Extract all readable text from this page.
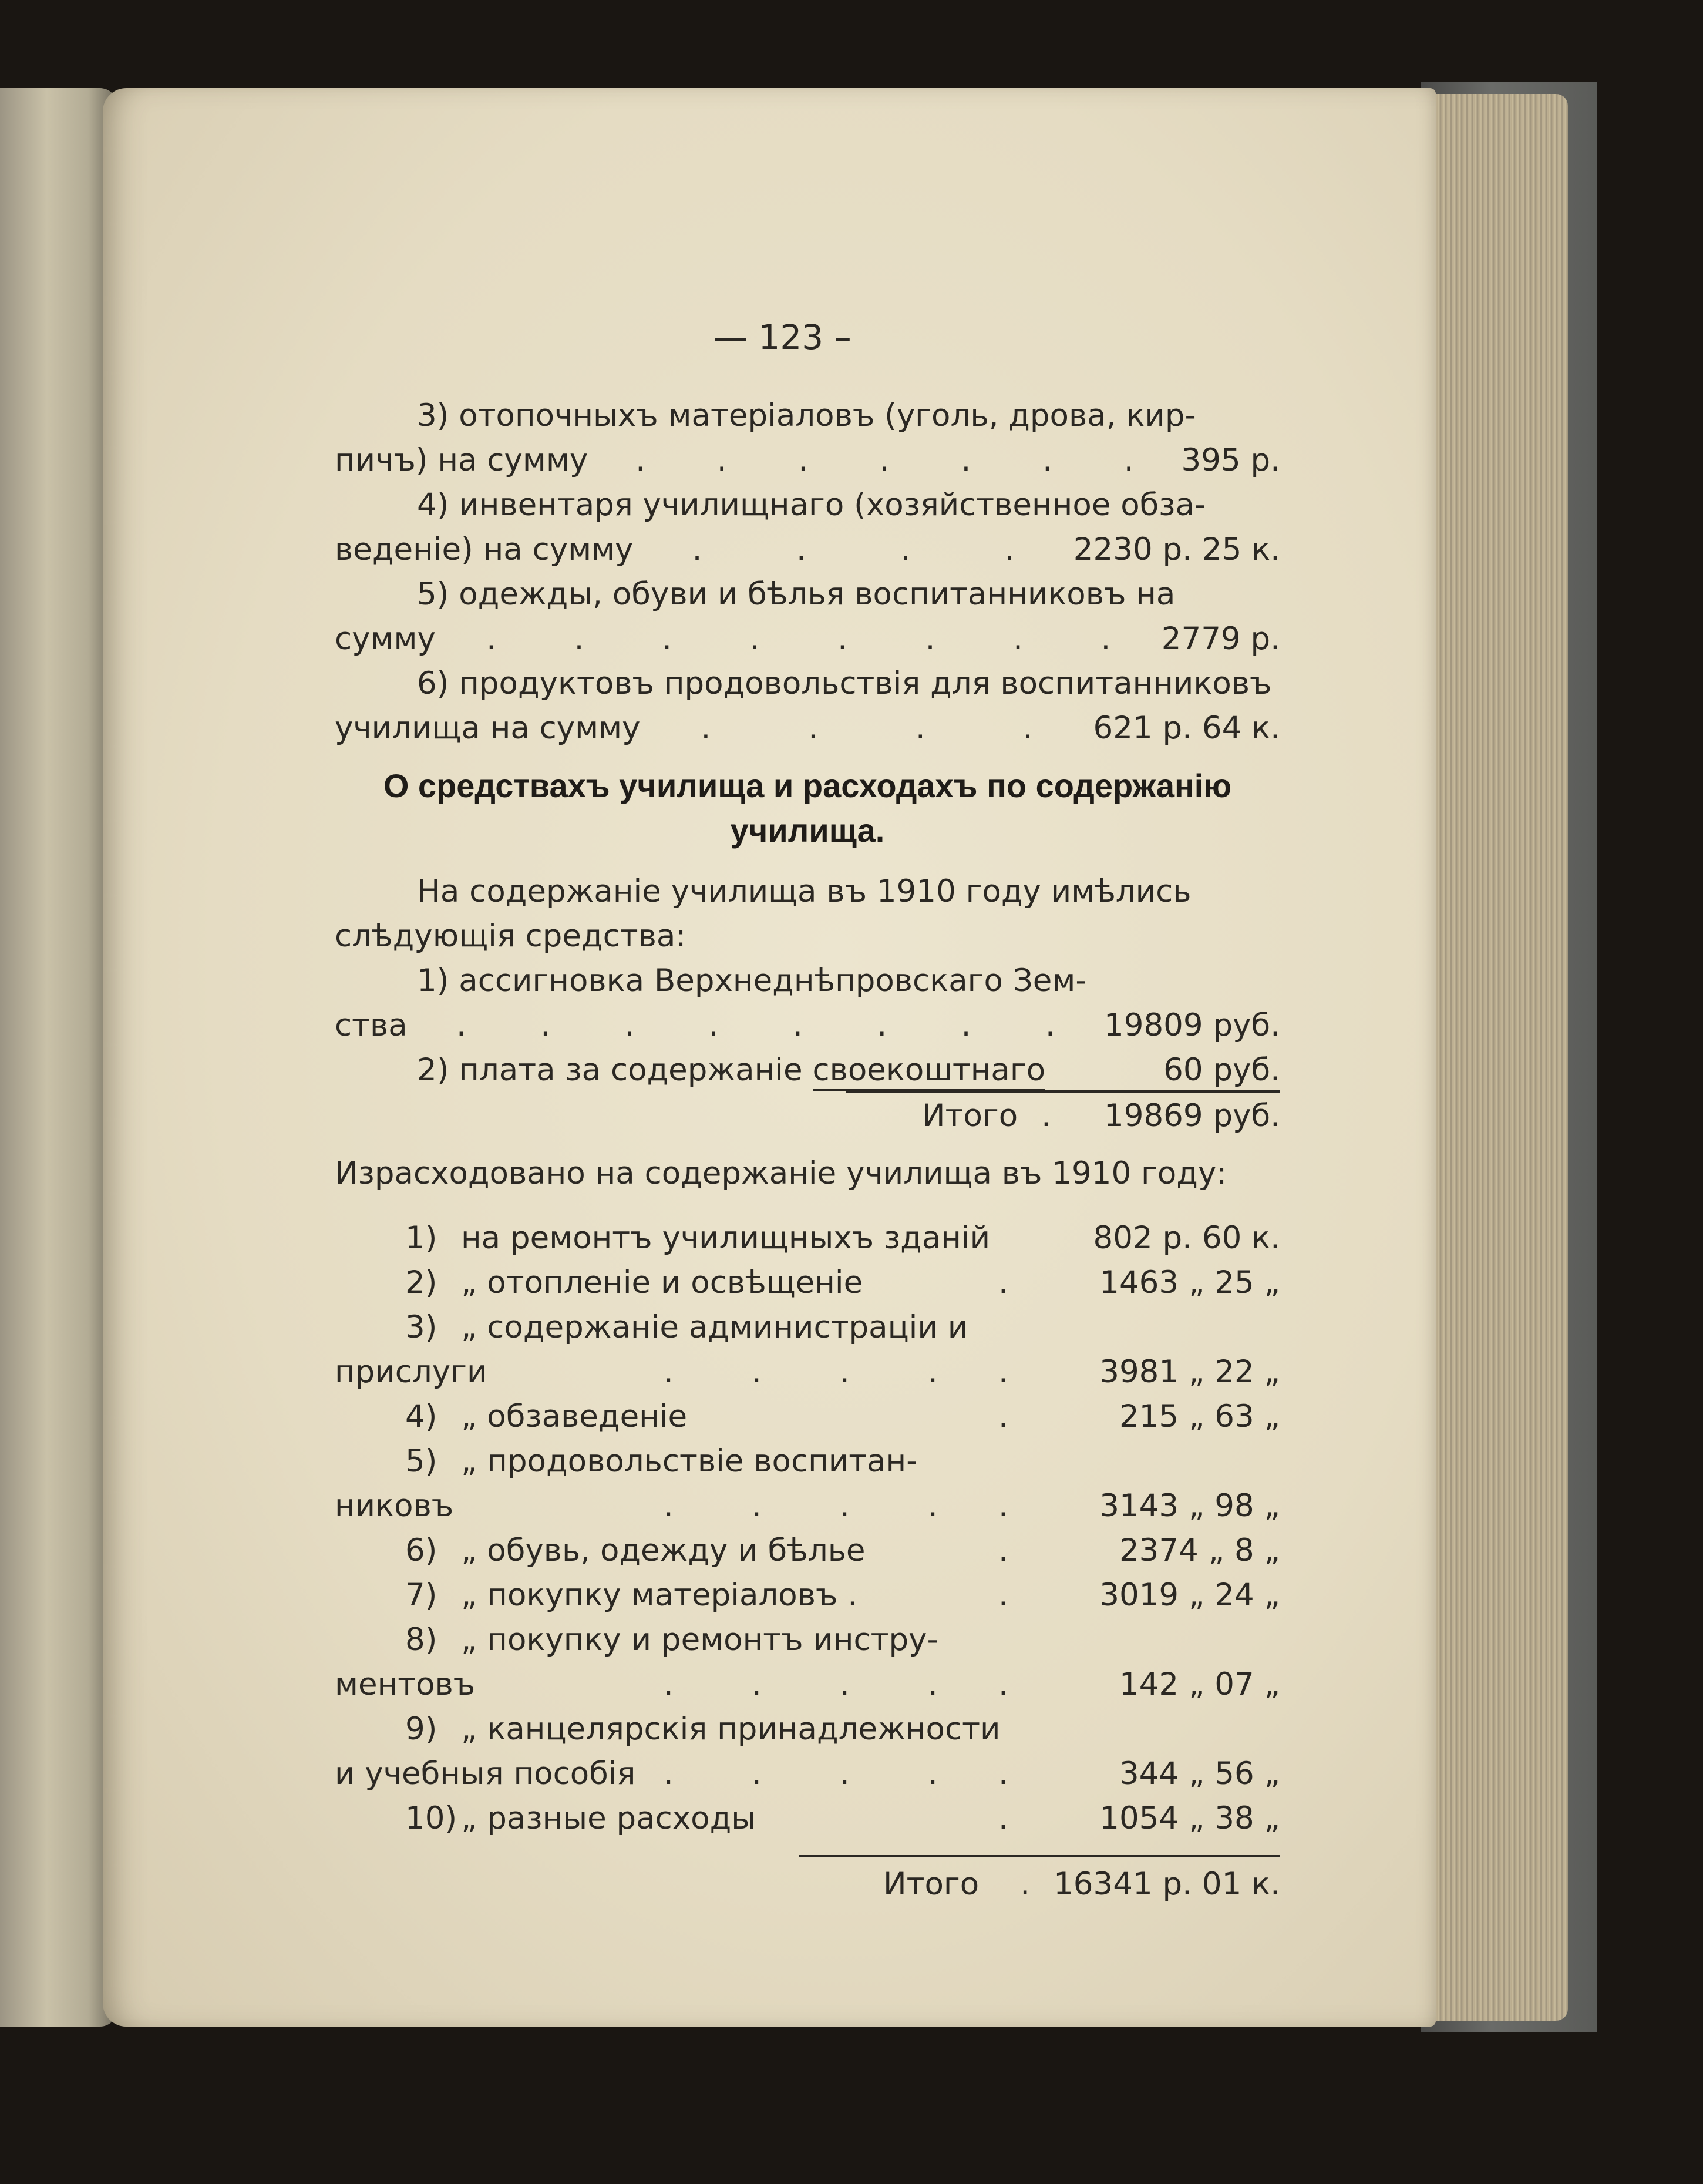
— 123 –
3) отопочныхъ матеріаловъ (уголь, дрова, кир-
пичъ) на сумму . . . . . . . 395 р.
4) инвентаря училищнаго (хозяйственное обза-
веденіе) на сумму .	.	.	. 2230 р. 25 к.
5) одежды, обуви и бѣлья воспитанниковъ на
сумму .	.	.	.	.	.	.	. 2779 р.
6) продуктовъ продовольствія для воспитанниковъ
училища на сумму .	.	.	. 621 р. 64 к.
О средствахъ училища и расходахъ по содержанію
училища.
На содержаніе училища въ 1910 году имѣлись
слѣдующія средства:
1) ассигновка Верхнеднѣпровскаго Зем-
ства . . . . . . . . 19809 руб.
2) плата за содержаніе своекоштнаго	60 руб.
Итого . 19869 руб.
Израсходовано на содержаніе училища въ 1910 году:
1) на ремонтъ училищныхъ зданій	802 р. 60 к.
2) „ отопленіе и освѣщеніе	1463 „ 25 „
.
3) „ содержаніе администраціи и
прислуги	.	.	.	. .	3981 „ 22 „
4) „ обзаведеніе	215 „ 63 „
.
5) „ продовольствіе воспитан-
никовъ	.	.	.	. .	3143 „ 98 „
6) „ обувь, одежду и бѣлье	2374 „ 8 „
.
7) „ покупку матеріаловъ .	3019 „ 24 „
.
8) „ покупку и ремонтъ инстру-
ментовъ	.	.	.	. .	142 „ 07 „
9) „ канцелярскія принадлежности
и учебныя пособія .	.	.	. .	344 „ 56 „
10) „ разные расходы	1054 „ 38 „
.
Итого . 16341 р. 01 к.
